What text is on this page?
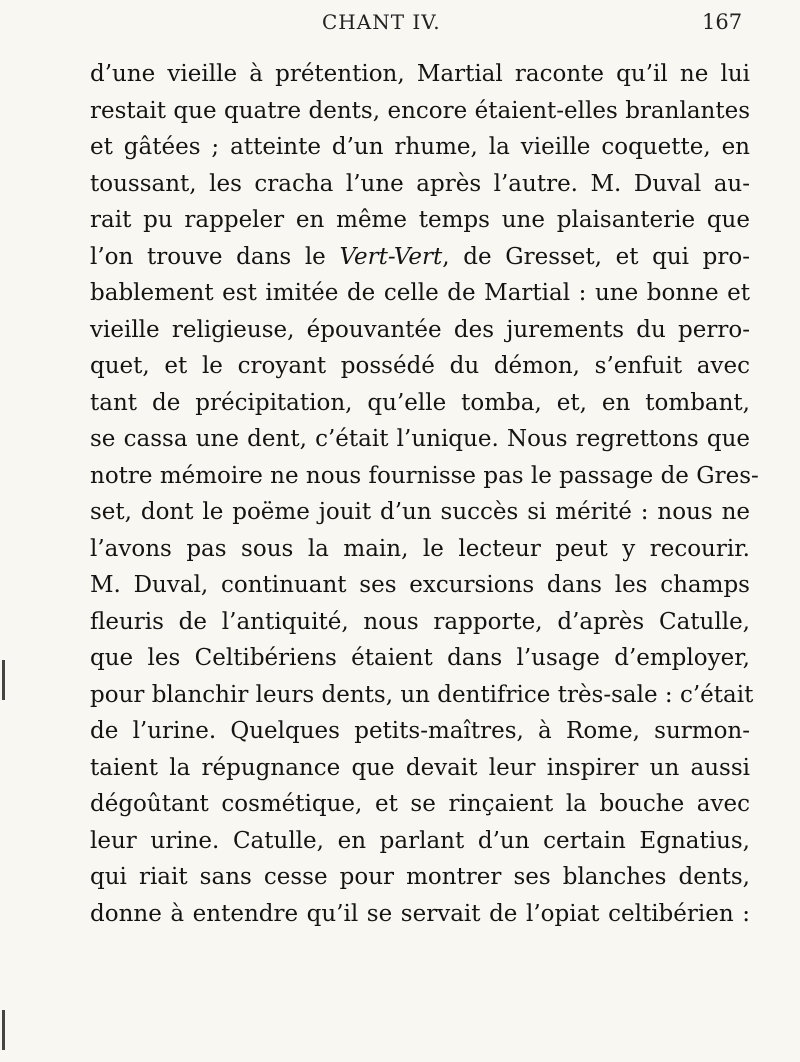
CHANT IV.	167
d’une vieille à prétention, Martial raconte qu’il ne lui
restait que quatre dents, encore étaient-elles branlantes
et gâtées ; atteinte d’un rhume, la vieille coquette, en
toussant, les cracha l’une après l’autre. M. Duval au-
rait pu rappeler en même temps une plaisanterie que
l’on trouve dans le Vert-Vert, de Gresset, et qui pro-
bablement est imitée de celle de Martial : une bonne et
vieille religieuse, épouvantée des jurements du perro-
quet, et le croyant possédé du démon, s’enfuit avec
tant de précipitation, qu’elle tomba, et, en tombant,
se cassa une dent, c’était l’unique. Nous regrettons que
notre mémoire ne nous fournisse pas le passage de Gres-
set, dont le poëme jouit d’un succès si mérité : nous ne
l’avons pas sous la main, le lecteur peut y recourir.
M. Duval, continuant ses excursions dans les champs
fleuris de l’antiquité, nous rapporte, d’après Catulle,
que les Celtibériens étaient dans l’usage d’employer,
pour blanchir leurs dents, un dentifrice très-sale : c’était
de l’urine. Quelques petits-maîtres, à Rome, surmon-
taient la répugnance que devait leur inspirer un aussi
dégoûtant cosmétique, et se rinçaient la bouche avec
leur urine. Catulle, en parlant d’un certain Egnatius,
qui riait sans cesse pour montrer ses blanches dents,
donne à entendre qu’il se servait de l’opiat celtibérien :
